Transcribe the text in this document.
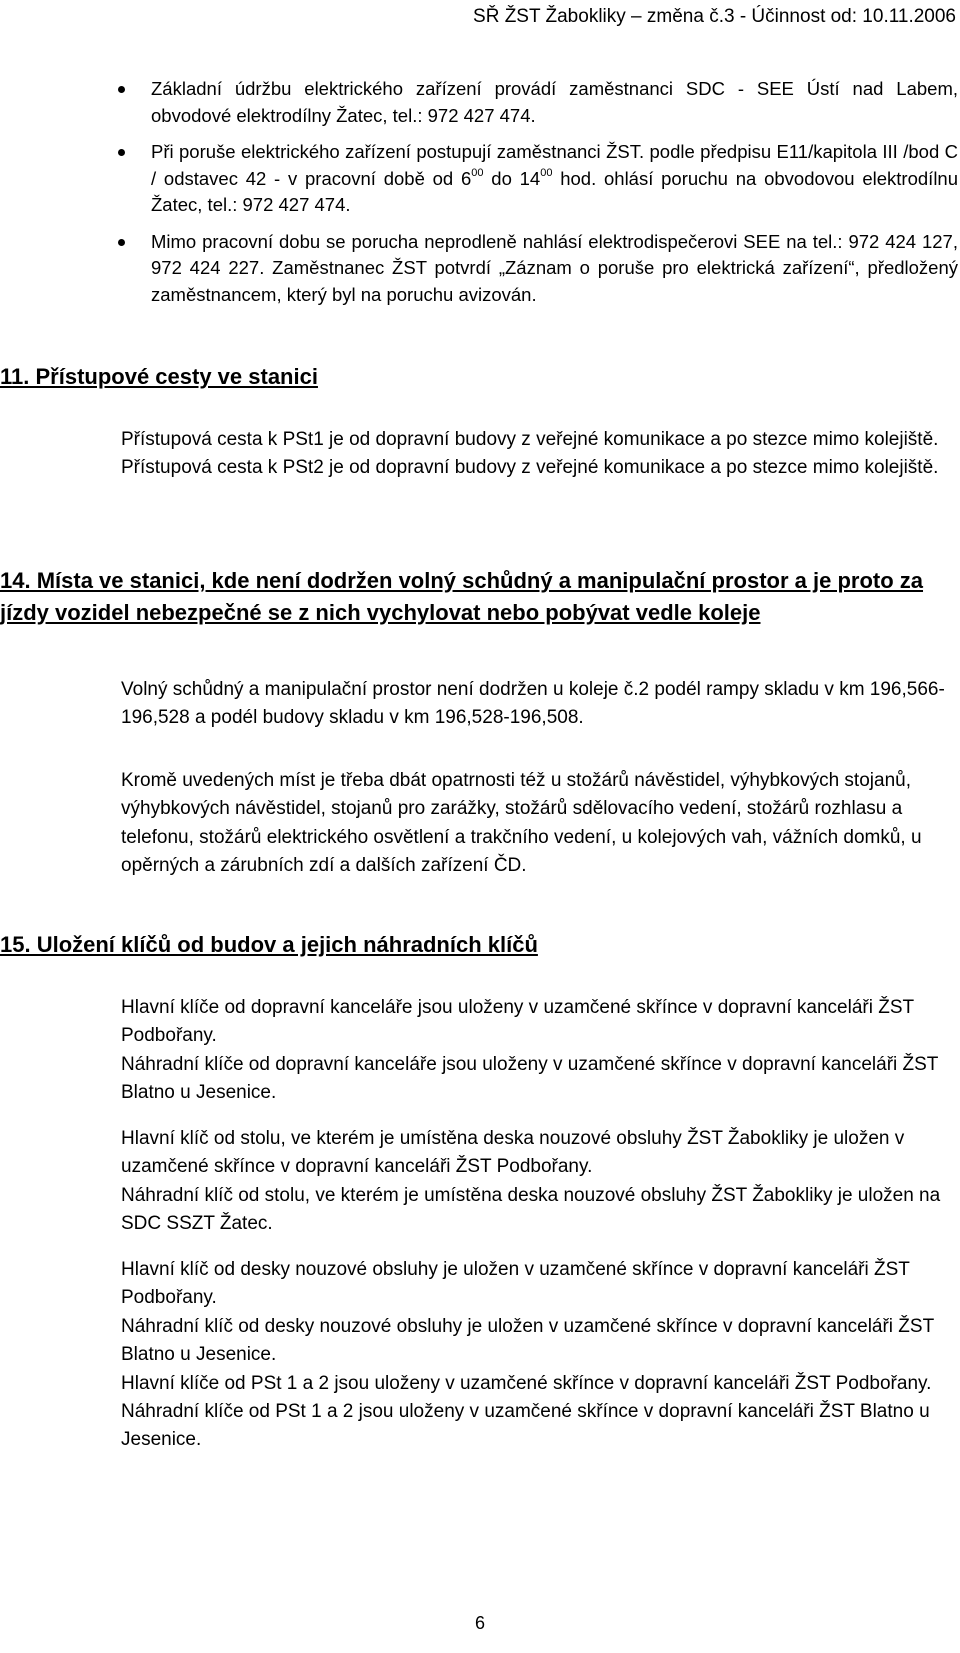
SŘ ŽST Žabokliky – změna č.3 - Účinnost od: 10.11.2006
Základní údržbu elektrického zařízení provádí zaměstnanci SDC - SEE Ústí nad Labem, obvodové elektrodílny Žatec, tel.: 972 427 474.
Při poruše elektrického zařízení postupují zaměstnanci ŽST. podle předpisu E11/kapitola III /bod C / odstavec 42 - v pracovní době od $6^{00}$ do $14^{00}$ hod. ohlásí poruchu na obvodovou elektrodílnu Žatec, tel.: 972 427 474.
Mimo pracovní dobu se porucha neprodleně nahlásí elektrodispečerovi SEE na tel.: 972 424 127, 972 424 227. Zaměstnanec ŽST potvrdí „Záznam o poruše pro elektrická zařízení“, předložený zaměstnancem, který byl na poruchu avizován.
11. Přístupové cesty ve stanici
Přístupová cesta k PSt1 je od dopravní budovy z veřejné komunikace a po stezce mimo kolejiště.
Přístupová cesta k PSt2 je od dopravní budovy z veřejné komunikace a po stezce mimo kolejiště.
14. Místa ve stanici, kde není dodržen volný schůdný a manipulační prostor a je proto za jízdy vozidel nebezpečné se z nich vychylovat nebo pobývat vedle koleje
Volný schůdný a manipulační prostor není dodržen u koleje č.2 podél rampy skladu v km 196,566-196,528 a podél budovy skladu v km 196,528-196,508.
Kromě uvedených míst je třeba dbát opatrnosti též u stožárů návěstidel, výhybkových stojanů, výhybkových návěstidel, stojanů pro zarážky, stožárů sdělovacího vedení, stožárů rozhlasu a telefonu, stožárů elektrického osvětlení a trakčního vedení, u kolejových vah, vážních domků, u opěrných a zárubních zdí a dalších zařízení ČD.
15. Uložení klíčů od budov a jejich náhradních klíčů
Hlavní klíče od dopravní kanceláře jsou uloženy v uzamčené skřínce v dopravní kanceláři ŽST Podbořany.
Náhradní klíče od dopravní kanceláře jsou uloženy v uzamčené skřínce v dopravní kanceláři ŽST Blatno u Jesenice.
Hlavní klíč od stolu, ve kterém je umístěna deska nouzové obsluhy ŽST Žabokliky je uložen v uzamčené skřínce v dopravní kanceláři ŽST Podbořany.
Náhradní klíč od stolu, ve kterém je umístěna deska nouzové obsluhy ŽST Žabokliky je uložen na SDC SSZT Žatec.
Hlavní klíč od desky nouzové obsluhy je uložen v uzamčené skřínce v dopravní kanceláři ŽST Podbořany.
Náhradní klíč od desky nouzové obsluhy je uložen v uzamčené skřínce v dopravní kanceláři ŽST Blatno u Jesenice.
Hlavní klíče od PSt 1 a 2 jsou uloženy v uzamčené skřínce v dopravní kanceláři ŽST Podbořany.
Náhradní klíče od PSt 1 a 2 jsou uloženy v uzamčené skřínce v dopravní kanceláři ŽST Blatno u Jesenice.
6
